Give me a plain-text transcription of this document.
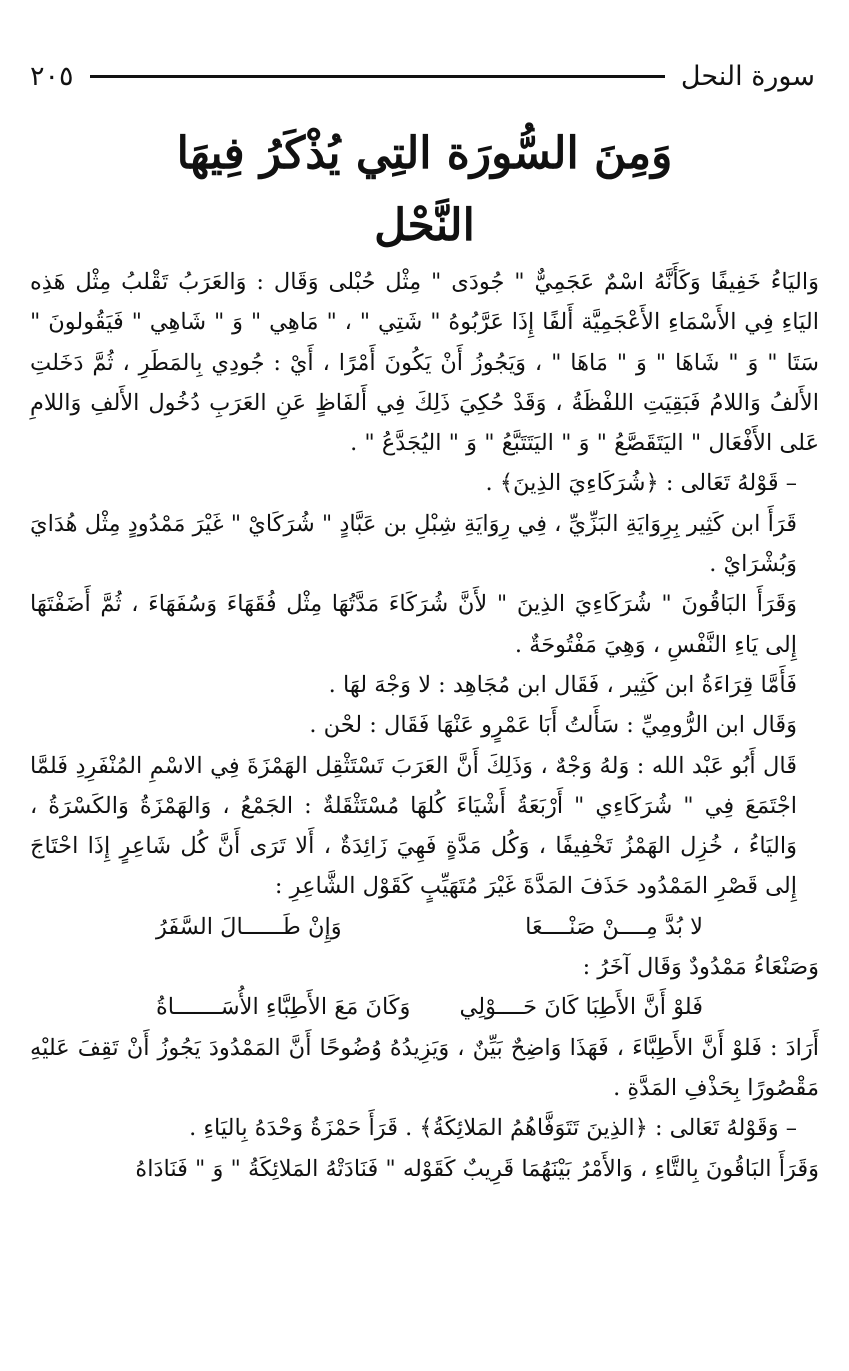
سورة النحل
٢٠٥
وَمِنَ السُّورَة التِي يُذْكَرُ فِيهَا
النَّحْل

وَاليَاءُ خَفِيفًا وَكَأَنَّهُ اسْمٌ عَجَمِيٌّ " جُودَى " مِثْل حُبْلى وَقَال : وَالعَرَبُ تَقْلبُ مِثْل هَذِه اليَاءِ فِي الأَسْمَاءِ الأَعْجَمِيَّة أَلفًا إِذَا عَرَّبُوهُ " شَتِي " ، " مَاهِي " وَ " شَاهِي " فَيَقُولونَ " سَتَا " وَ " شَاهَا " وَ " مَاهَا " ، وَيَجُوزُ أَنْ يَكُونَ أَمْرًا ، أَيْ : جُودِي بِالمَطَرِ ، ثُمَّ دَخَلتِ الأَلفُ وَاللامُ فَبَقِيَتِ اللفْظَةُ ، وَقَدْ حُكِيَ ذَلِكَ فِي أَلفَاظٍ عَنِ العَرَبِ دُخُول الأَلفِ وَاللامِ عَلى الأَفْعَال " اليَتَقَصَّعُ " وَ " اليَتَتَبَّعُ " وَ " اليُجَدَّعُ " .

– قَوْلهُ تَعَالى : ﴿شُرَكَاءِيَ الذِينَ﴾ .

قَرَأَ ابن كَثِير بِرِوَايَةِ البَزِّيِّ ، فِي رِوَايَةِ شِبْلِ بن عَبَّادٍ " شُرَكَايْ " غَيْرَ مَمْدُودٍ مِثْل هُدَايَ وَبُشْرَايْ .

وَقَرَأَ البَاقُونَ " شُرَكَاءِيَ الذِينَ " لأَنَّ شُرَكَاءَ مَدَّتُهَا مِثْل فُقَهَاءَ وَسُفَهَاءَ ، ثُمَّ أَضَفْتَهَا إِلى يَاءِ النَّفْسِ ، وَهِيَ مَفْتُوحَةٌ .

فَأَمَّا قِرَاءَةُ ابن كَثِير ، فَقَال ابن مُجَاهِد : لا وَجْهَ لهَا .

وَقَال ابن الرُّومِيِّ : سَأَلتُ أَبَا عَمْرٍو عَنْهَا فَقَال : لحْن .

قَال أَبُو عَبْد الله : وَلهُ وَجْهٌ ، وَذَلِكَ أَنَّ العَرَبَ تَسْتَثْقِل الهَمْزَةَ فِي الاسْمِ المُنْفَرِدِ فَلمَّا اجْتَمَعَ فِي " شُرَكَاءِي " أَرْبَعَةُ أَشْيَاءَ كُلهَا مُسْتَثْقَلةٌ : الجَمْعُ ، وَالهَمْزَةُ وَالكَسْرَةُ ، وَاليَاءُ ، خُزِل الهَمْزُ تَخْفِيفًا ، وَكُل مَدَّةٍ فَهِيَ زَائِدَةٌ ، أَلا تَرَى أَنَّ كُل شَاعِرٍ إِذَا احْتَاجَ إِلى قَصْرِ المَمْدُود حَذَفَ المَدَّةَ غَيْرَ مُتَهَيِّبٍ كَقَوْل الشَّاعِرِ :

لا بُدَّ مِــــنْ صَنْــــعَا
وَإِنْ طَــــــالَ السَّفَرُ

وَصَنْعَاءُ مَمْدُودٌ وَقَال آخَرُ :

فَلوْ أَنَّ الأَطِبَا كَانَ حَــــوْلِي
وَكَانَ مَعَ الأَطِبَّاءِ الأُسَـــــــاةُ

أَرَادَ : فَلوْ أَنَّ الأَطِبَّاءَ ، فَهَذَا وَاضِحٌ بَيِّنٌ ، وَيَزِيدُهُ وُضُوحًا أَنَّ المَمْدُودَ يَجُوزُ أَنْ تَقِفَ عَليْهِ مَقْصُورًا بِحَذْفِ المَدَّةِ .

– وَقَوْلهُ تَعَالى : ﴿الذِينَ تَتَوَفَّاهُمُ المَلائِكَةُ﴾ . قَرَأَ حَمْزَةُ وَحْدَهُ بِاليَاءِ .

وَقَرَأَ البَاقُونَ بِالتَّاءِ ، وَالأَمْرُ بَيْنَهُمَا قَرِيبٌ كَقَوْله " فَنَادَتْهُ المَلائِكَةُ " وَ " فَنَادَاهُ
